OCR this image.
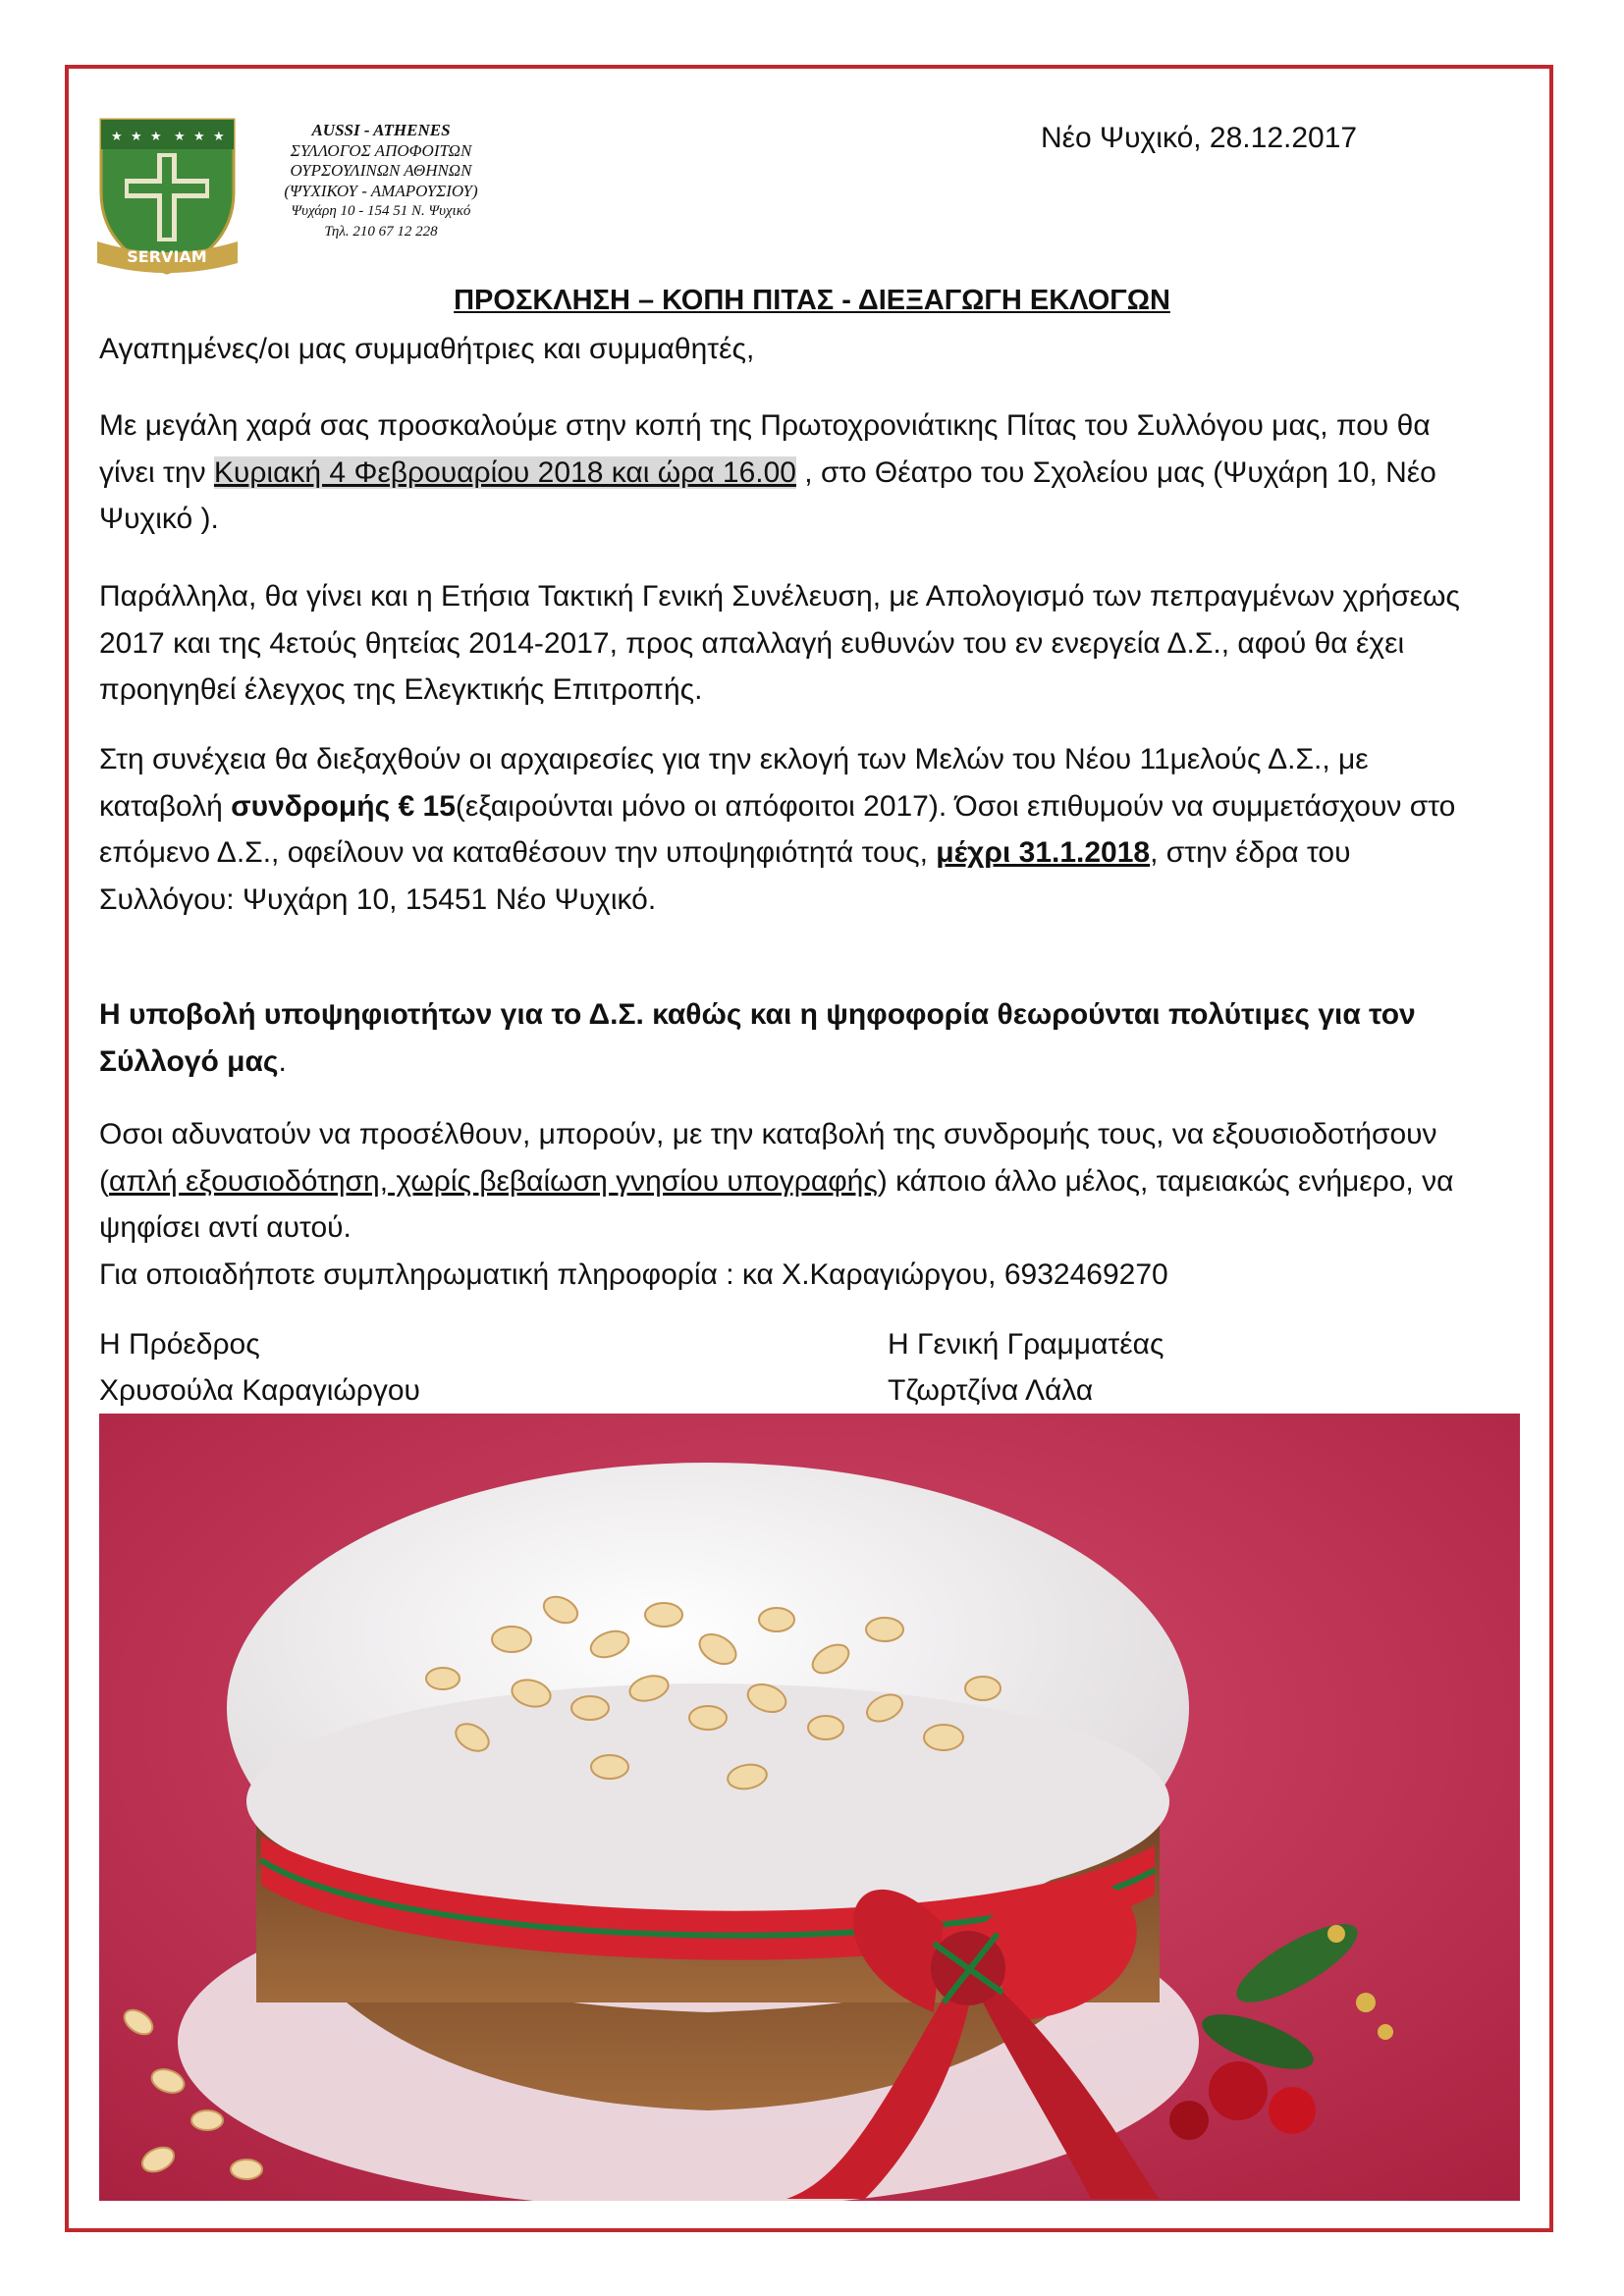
★ ★ ★ ★ ★ ★
SERVIAM
AUSSI - ATHENES
ΣΥΛΛΟΓΟΣ ΑΠΟΦΟΙΤΩΝ
ΟΥΡΣΟΥΛΙΝΩΝ ΑΘΗΝΩΝ
(ΨΥΧΙΚΟΥ - ΑΜΑΡΟΥΣΙΟΥ)
Ψυχάρη 10 - 154 51 Ν. Ψυχικό
Τηλ. 210 67 12 228
Νέο Ψυχικό, 28.12.2017
ΠΡΟΣΚΛΗΣΗ – ΚΟΠΗ ΠΙΤΑΣ - ΔΙΕΞΑΓΩΓΗ ΕΚΛΟΓΩΝ

Αγαπημένες/οι μας συμμαθήτριες και συμμαθητές,

Με μεγάλη χαρά σας προσκαλούμε στην κοπή της Πρωτοχρονιάτικης Πίτας του Συλλόγου μας, που θα γίνει την Κυριακή 4 Φεβρουαρίου 2018 και ώρα 16.00 , στο Θέατρο του Σχολείου μας (Ψυχάρη 10, Νέο Ψυχικό ).

Παράλληλα, θα γίνει και η Ετήσια Τακτική Γενική Συνέλευση, με Απολογισμό των πεπραγμένων χρήσεως 2017 και της 4ετούς θητείας 2014-2017, προς απαλλαγή ευθυνών του εν ενεργεία Δ.Σ., αφού θα έχει προηγηθεί έλεγχος της Ελεγκτικής Επιτροπής.

Στη συνέχεια θα διεξαχθούν οι αρχαιρεσίες για την εκλογή των Μελών του Νέου 11μελούς Δ.Σ., με καταβολή συνδρομής € 15(εξαιρούνται μόνο οι απόφοιτοι 2017). Όσοι επιθυμούν να συμμετάσχουν στο επόμενο Δ.Σ., οφείλουν να καταθέσουν την υποψηφιότητά τους, μέχρι 31.1.2018, στην έδρα του Συλλόγου: Ψυχάρη 10, 15451 Νέο Ψυχικό.

Η υποβολή υποψηφιοτήτων για το Δ.Σ. καθώς και η ψηφοφορία θεωρούνται πολύτιμες για τον Σύλλογό μας.

Οσοι αδυνατούν να προσέλθουν, μπορούν, με την καταβολή της συνδρομής τους, να εξουσιοδοτήσουν (απλή εξουσιοδότηση, χωρίς βεβαίωση γνησίου υπογραφής) κάποιο άλλο μέλος, ταμειακώς ενήμερο, να ψηφίσει αντί αυτού.

Για οποιαδήποτε συμπληρωματική πληροφορία : κα Χ.Καραγιώργου, 6932469270

Η Πρόεδρος
Χρυσούλα Καραγιώργου
Η Γενική Γραμματέας
Τζωρτζίνα Λάλα
